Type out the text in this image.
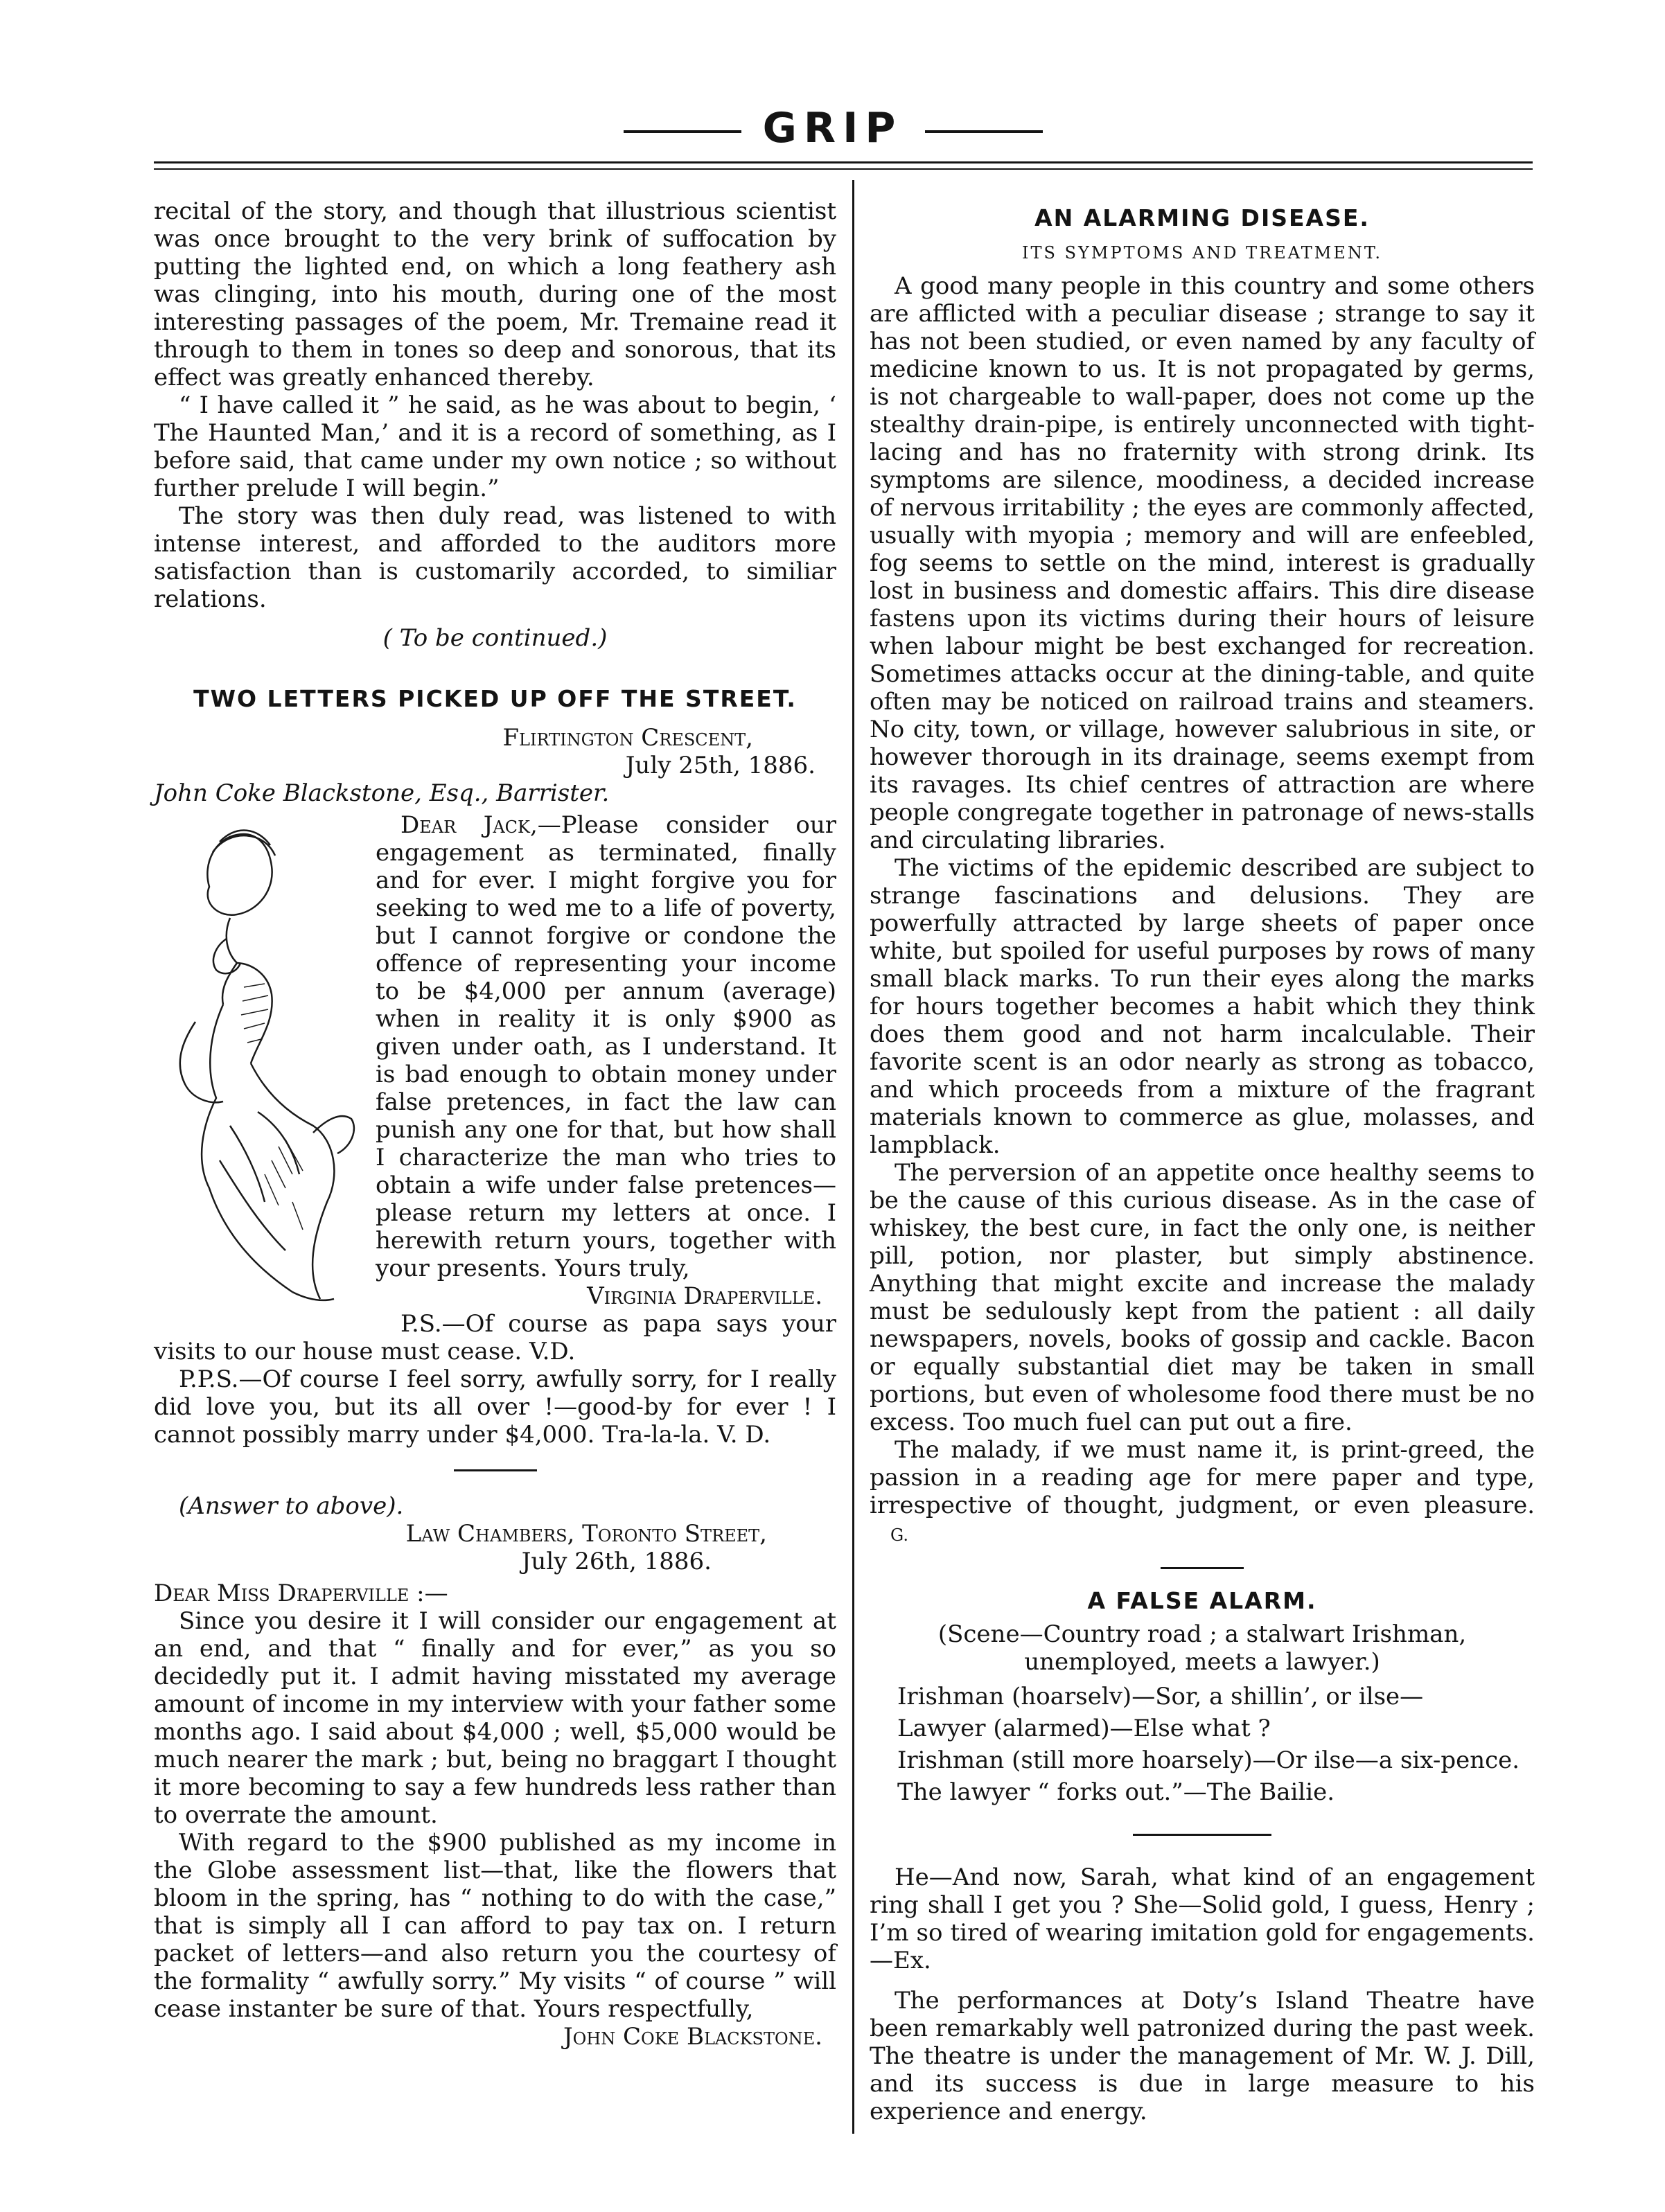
GRIP

recital of the story, and though that illustrious scientist was once brought to the very brink of suffocation by putting the lighted end, on which a long feathery ash was clinging, into his mouth, during one of the most interesting passages of the poem, Mr. Tremaine read it through to them in tones so deep and sonorous, that its effect was greatly enhanced thereby.

“ I have called it ” he said, as he was about to begin, ‘ The Haunted Man,’ and it is a record of something, as I before said, that came under my own notice ; so without further prelude I will begin.”

The story was then duly read, was listened to with intense interest, and afforded to the auditors more satisfaction than is customarily accorded, to similiar relations.

( To be continued.)

TWO LETTERS PICKED UP OFF THE STREET.

Flirtington Crescent,

July 25th, 1886.

John Coke Blackstone, Esq., Barrister.

Dear Jack,—Please consider our engagement as terminated, finally and for ever. I might forgive you for seeking to wed me to a life of poverty, but I cannot forgive or condone the offence of representing your income to be $4,000 per annum (average) when in reality it is only $900 as given under oath, as I understand. It is bad enough to obtain money under false pretences, in fact the law can punish any one for that, but how shall I characterize the man who tries to obtain a wife under false pretences—please return my letters at once. I herewith return yours, together with your presents. Yours truly,

Virginia Draperville.

P.S.—Of course as papa says your visits to our house must cease. V.D.

P.P.S.—Of course I feel sorry, awfully sorry, for I really did love you, but its all over !—good-by for ever ! I cannot possibly marry under $4,000. Tra-la-la. V. D.

(Answer to above).

Law Chambers, Toronto Street,

July 26th, 1886.

Dear Miss Draperville :—

Since you desire it I will consider our engagement at an end, and that “ finally and for ever,” as you so decidedly put it. I admit having misstated my average amount of income in my interview with your father some months ago. I said about $4,000 ; well, $5,000 would be much nearer the mark ; but, being no braggart I thought it more becoming to say a few hundreds less rather than to overrate the amount.

With regard to the $900 published as my income in the Globe assessment list—that, like the flowers that bloom in the spring, has “ nothing to do with the case,” that is simply all I can afford to pay tax on. I return packet of letters—and also return you the courtesy of the formality “ awfully sorry.” My visits “ of course ” will cease instanter be sure of that. Yours respectfully,

John Coke Blackstone.

AN ALARMING DISEASE.
ITS SYMPTOMS AND TREATMENT.

A good many people in this country and some others are afflicted with a peculiar disease ; strange to say it has not been studied, or even named by any faculty of medicine known to us. It is not propagated by germs, is not chargeable to wall-paper, does not come up the stealthy drain-pipe, is entirely unconnected with tight-lacing and has no fraternity with strong drink. Its symptoms are silence, moodiness, a decided increase of nervous irritability ; the eyes are commonly affected, usually with myopia ; memory and will are enfeebled, fog seems to settle on the mind, interest is gradually lost in business and domestic affairs. This dire disease fastens upon its victims during their hours of leisure when labour might be best exchanged for recreation. Sometimes attacks occur at the dining-table, and quite often may be noticed on railroad trains and steamers. No city, town, or village, however salubrious in site, or however thorough in its drainage, seems exempt from its ravages. Its chief centres of attraction are where people congregate together in patronage of news-stalls and circulating libraries.

The victims of the epidemic described are subject to strange fascinations and delusions. They are powerfully attracted by large sheets of paper once white, but spoiled for useful purposes by rows of many small black marks. To run their eyes along the marks for hours together becomes a habit which they think does them good and not harm incalculable. Their favorite scent is an odor nearly as strong as tobacco, and which proceeds from a mixture of the fragrant materials known to commerce as glue, molasses, and lampblack.

The perversion of an appetite once healthy seems to be the cause of this curious disease. As in the case of whiskey, the best cure, in fact the only one, is neither pill, potion, nor plaster, but simply abstinence. Anything that might excite and increase the malady must be sedulously kept from the patient : all daily newspapers, novels, books of gossip and cackle. Bacon or equally substantial diet may be taken in small portions, but even of wholesome food there must be no excess. Too much fuel can put out a fire.

The malady, if we must name it, is print-greed, the passion in a reading age for mere paper and type, irrespective of thought, judgment, or even pleasure. G.

A FALSE ALARM.

(Scene—Country road ; a stalwart Irishman, unemployed, meets a lawyer.)

Irishman (hoarselv)—Sor, a shillin’, or ilse—
Lawyer (alarmed)—Else what ?
Irishman (still more hoarsely)—Or ilse—a six-pence.
The lawyer “ forks out.”—The Bailie.

He—And now, Sarah, what kind of an engagement ring shall I get you ? She—Solid gold, I guess, Henry ; I’m so tired of wearing imitation gold for engagements.—Ex.

The performances at Doty’s Island Theatre have been remarkably well patronized during the past week. The theatre is under the management of Mr. W. J. Dill, and its success is due in large measure to his experience and energy.
